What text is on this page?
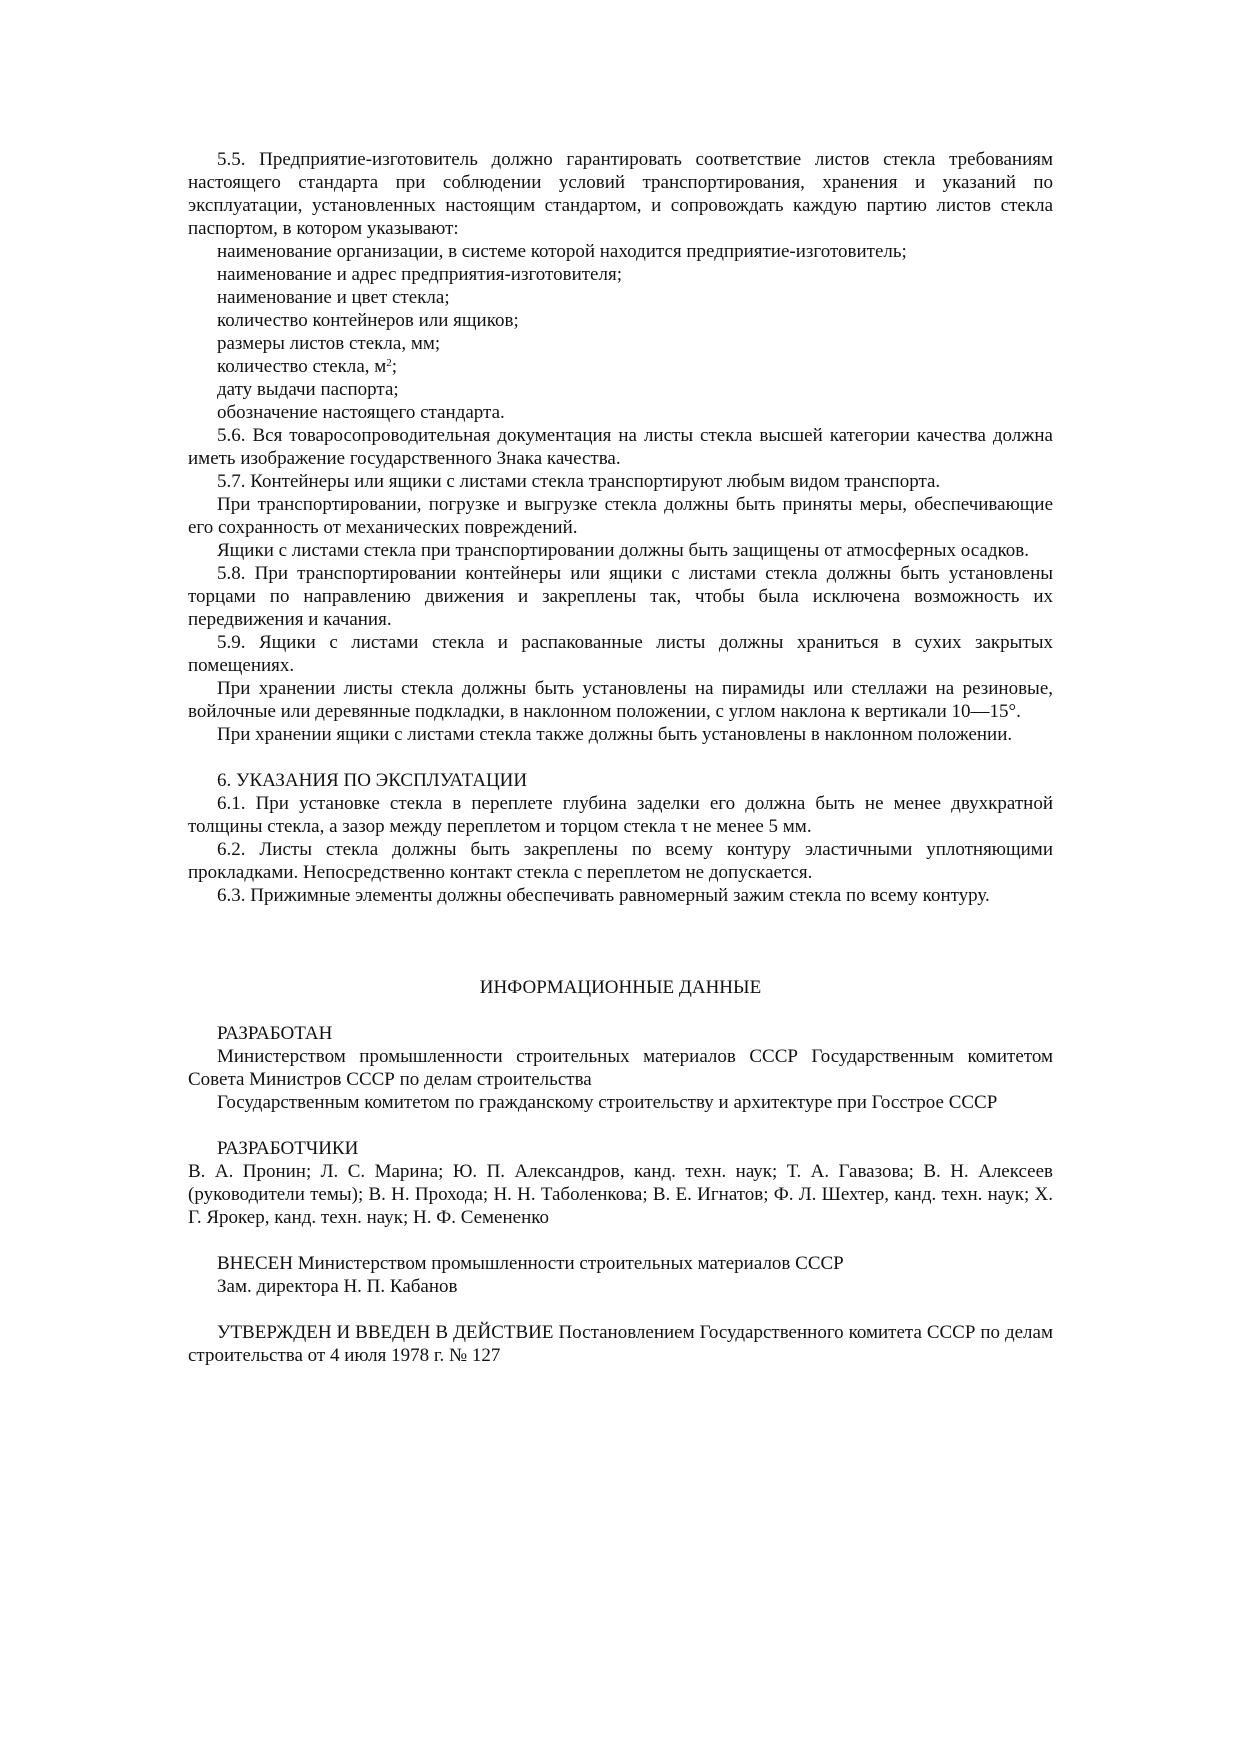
5.5. Предприятие-изготовитель должно гарантировать соответствие листов стекла требованиям настоящего стандарта при соблюдении условий транспортирования, хранения и указаний по эксплуатации, установленных настоящим стандартом, и сопровождать каждую партию листов стекла паспортом, в котором указывают:

наименование организации, в системе которой находится предприятие-изготовитель;

наименование и адрес предприятия-изготовителя;

наименование и цвет стекла;

количество контейнеров или ящиков;

размеры листов стекла, мм;

количество стекла, $м^2$;

дату выдачи паспорта;

обозначение настоящего стандарта.

5.6. Вся товаросопроводительная документация на листы стекла высшей категории качества должна иметь изображение государственного Знака качества.

5.7. Контейнеры или ящики с листами стекла транспортируют любым видом транспорта.

При транспортировании, погрузке и выгрузке стекла должны быть приняты меры, обеспечивающие его сохранность от механических повреждений.

Ящики с листами стекла при транспортировании должны быть защищены от атмосферных осадков.

5.8. При транспортировании контейнеры или ящики с листами стекла должны быть установлены торцами по направлению движения и закреплены так, чтобы была исключена возможность их передвижения и качания.

5.9. Ящики с листами стекла и распакованные листы должны храниться в сухих закрытых помещениях.

При хранении листы стекла должны быть установлены на пирамиды или стеллажи на резиновые, войлочные или деревянные подкладки, в наклонном положении, с углом наклона к вертикали 10—15°.

При хранении ящики с листами стекла также должны быть установлены в наклонном положении.

6. УКАЗАНИЯ ПО ЭКСПЛУАТАЦИИ

6.1. При установке стекла в переплете глубина заделки его должна быть не менее двухкратной толщины стекла, а зазор между переплетом и торцом стекла τ не менее 5 мм.

6.2. Листы стекла должны быть закреплены по всему контуру эластичными уплотняющими прокладками. Непосредственно контакт стекла с переплетом не допускается.

6.3. Прижимные элементы должны обеспечивать равномерный зажим стекла по всему контуру.

ИНФОРМАЦИОННЫЕ ДАННЫЕ

РАЗРАБОТАН

Министерством промышленности строительных материалов СССР Государственным комитетом Совета Министров СССР по делам строительства

Государственным комитетом по гражданскому строительству и архитектуре при Госстрое СССР

РАЗРАБОТЧИКИ

В. А. Пронин; Л. С. Марина; Ю. П. Александров, канд. техн. наук; Т. А. Гавазова; В. Н. Алексеев (руководители темы); В. Н. Прохода; Н. Н. Таболенкова; В. Е. Игнатов; Ф. Л. Шехтер, канд. техн. наук; Х. Г. Ярокер, канд. техн. наук; Н. Ф. Семененко

ВНЕСЕН Министерством промышленности строительных материалов СССР

Зам. директора Н. П. Кабанов

УТВЕРЖДЕН И ВВЕДЕН В ДЕЙСТВИЕ Постановлением Государственного комитета СССР по делам строительства от 4 июля 1978 г. № 127
